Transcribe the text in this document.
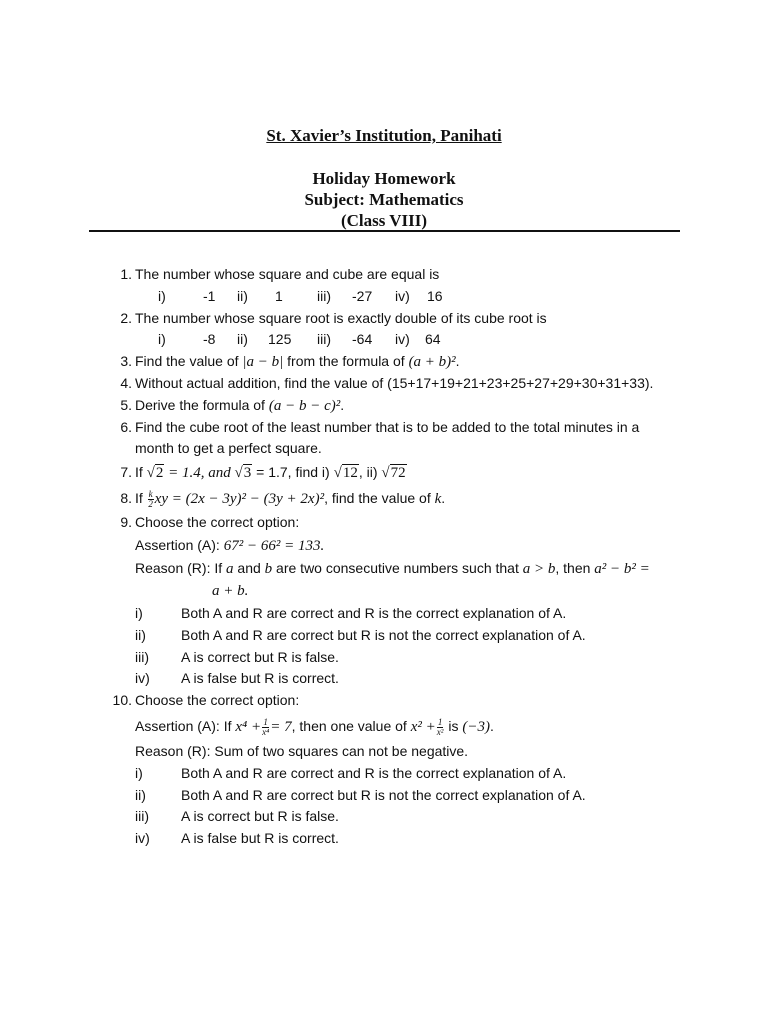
St. Xavier’s Institution, Panihati
Holiday Homework
Subject: Mathematics
(Class VIII)
1. The number whose square and cube are equal is
i)	-1 ii) 1 iii) -27 iv) 16
2. The number whose square root is exactly double of its cube root is
i)	-8 ii) 125 iii) -64 iv) 64
3. Find the value of |a − b| from the formula of (a + b)².
4. Without actual addition, find the value of (15+17+19+21+23+25+27+29+30+31+33).
5. Derive the formula of (a − b − c)².
6. Find the cube root of the least number that is to be added to the total minutes in a
month to get a perfect square.
7. If √2 = 1.4, and √3 = 1.7, find i) √12, ii) √72
8. If $\frac{k}{2}$ xy = (2x − 3y)² − (3y + 2x)², find the value of k.
9. Choose the correct option:
Assertion (A): 67² − 66² = 133.
Reason (R): If a and b are two consecutive numbers such that a > b, then a² − b² =
a + b.
i)	Both A and R are correct and R is the correct explanation of A.
ii)	Both A and R are correct but R is not the correct explanation of A.
iii) A is correct but R is false.
iv) A is false but R is correct.
10. Choose the correct option:
Assertion (A): If $x^4 + \frac{1}{\text{x⁴}} = 7$, then one value of $x^2 + \frac{1}{\text{x²}}$ is (−3).
Reason (R): Sum of two squares can not be negative.
i)	Both A and R are correct and R is the correct explanation of A.
ii)	Both A and R are correct but R is not the correct explanation of A.
iii) A is correct but R is false.
iv) A is false but R is correct.
